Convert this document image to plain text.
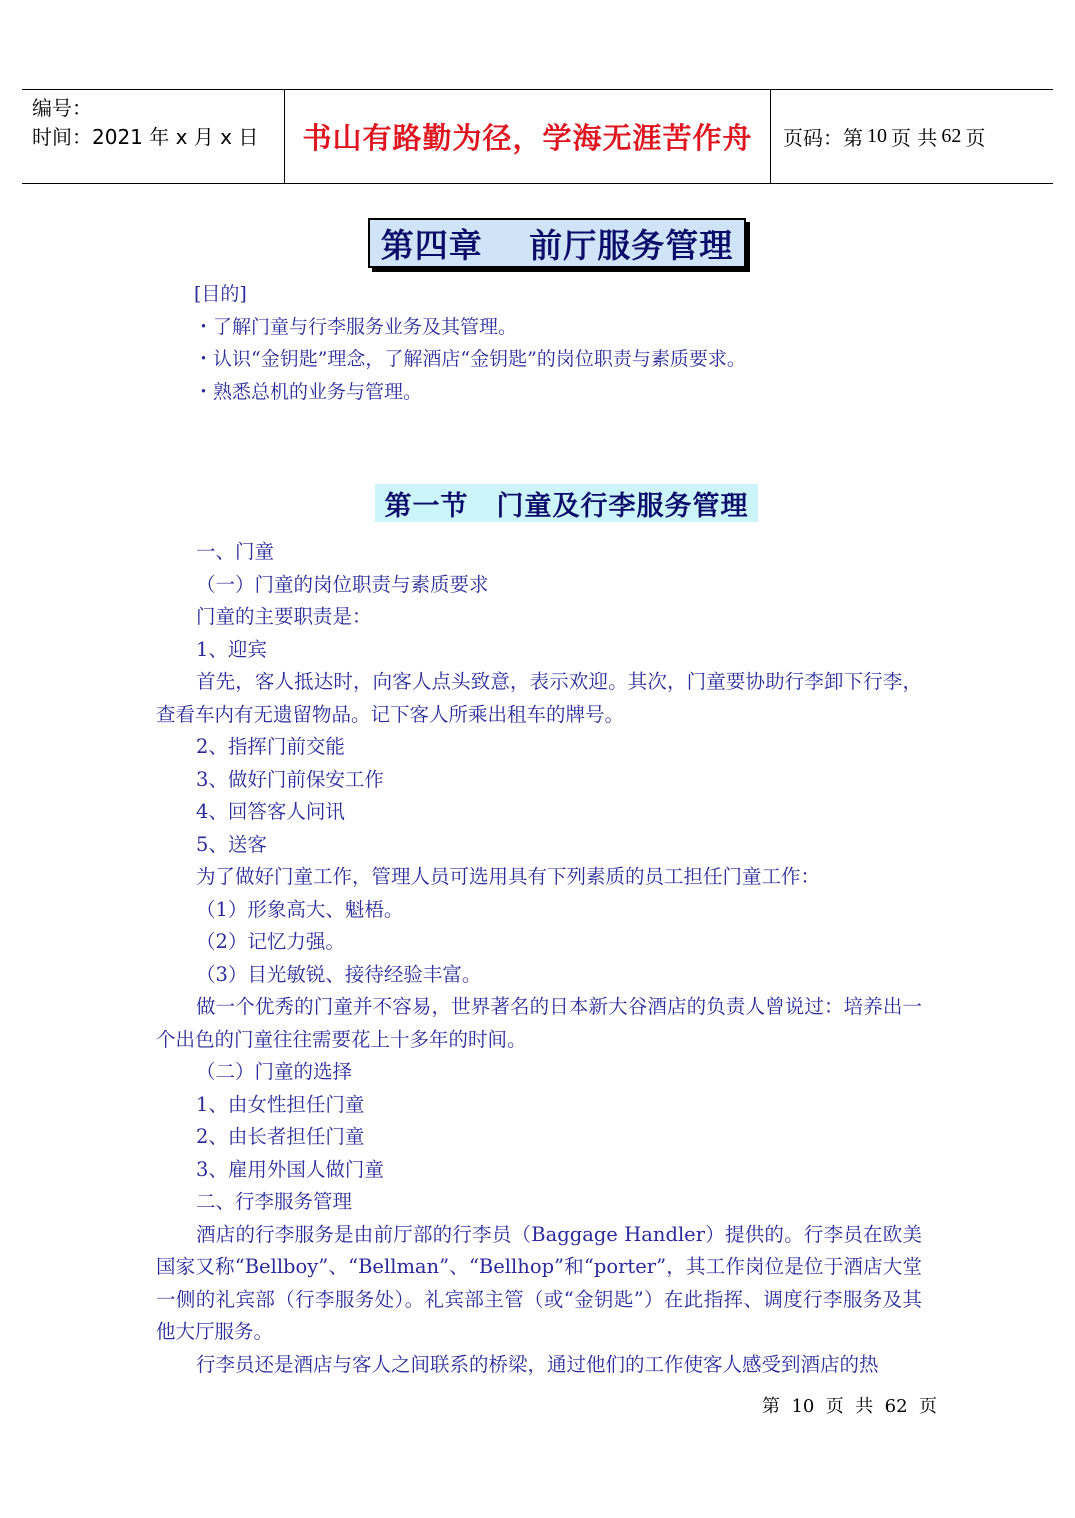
编号：
时间：2021 年 x 月 x 日	书山有路勤为径，学海无涯苦作舟	页码：第 10 页 共 62 页
第四章　 前厅服务管理
[目的]
・了解门童与行李服务业务及其管理。
・认识“金钥匙”理念，了解酒店“金钥匙”的岗位职责与素质要求。
・熟悉总机的业务与管理。
第一节　门童及行李服务管理
一、门童
（一）门童的岗位职责与素质要求
门童的主要职责是：
1、迎宾
首先，客人抵达时，向客人点头致意，表示欢迎。其次，门童要协助行李卸下行李，查看车内有无遗留物品。记下客人所乘出租车的牌号。
2、指挥门前交能
3、做好门前保安工作
4、回答客人问讯
5、送客
为了做好门童工作，管理人员可选用具有下列素质的员工担任门童工作：
（1）形象高大、魁梧。
（2）记忆力强。
（3）目光敏锐、接待经验丰富。
做一个优秀的门童并不容易，世界著名的日本新大谷酒店的负责人曾说过：培养出一个出色的门童往往需要花上十多年的时间。
（二）门童的选择
1、由女性担任门童
2、由长者担任门童
3、雇用外国人做门童
二、行李服务管理
酒店的行李服务是由前厅部的行李员（Baggage Handler）提供的。行李员在欧美国家又称“Bellboy”、“Bellman”、“Bellhop”和“porter”，其工作岗位是位于酒店大堂一侧的礼宾部（行李服务处）。礼宾部主管（或“金钥匙”）在此指挥、调度行李服务及其他大厅服务。
行李员还是酒店与客人之间联系的桥梁，通过他们的工作使客人感受到酒店的热
第  10  页  共  62  页
